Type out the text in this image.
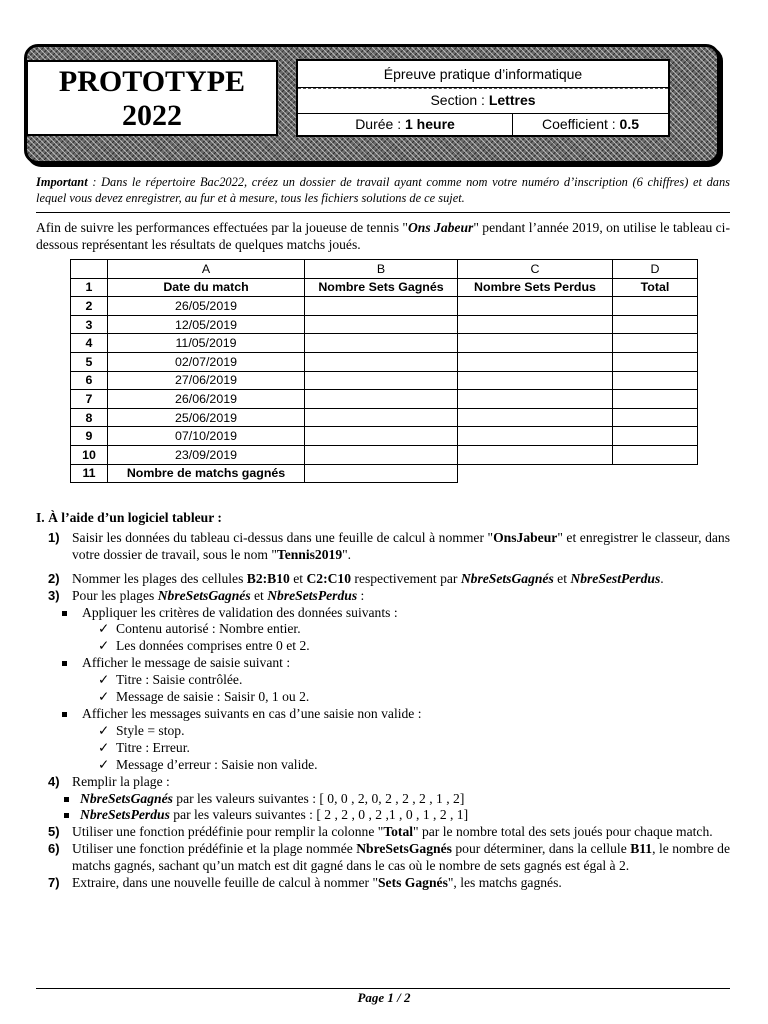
PROTOTYPE
2022
Épreuve pratique d’informatique
Section : Lettres
Durée : 1 heure	Coefficient : 0.5
Important : Dans le répertoire Bac2022, créez un dossier de travail ayant comme nom votre numéro d’inscription (6 chiffres) et dans lequel vous devez enregistrer, au fur et à mesure, tous les fichiers solutions de ce sujet.
Afin de suivre les performances effectuées par la joueuse de tennis "Ons Jabeur" pendant l’année 2019, on utilise le tableau ci-dessous représentant les résultats de quelques matchs joués.
	A	B	C	D
1	Date du match	Nombre Sets Gagnés	Nombre Sets Perdus	Total
2	26/05/2019			
3	12/05/2019			
4	11/05/2019			
5	02/07/2019			
6	27/06/2019			
7	26/06/2019			
8	25/06/2019			
9	07/10/2019			
10	23/09/2019			
11	Nombre de matchs gagnés			
I. À l’aide d’un logiciel tableur :
1) Saisir les données du tableau ci-dessus dans une feuille de calcul à nommer "OnsJabeur" et enregistrer le classeur, dans votre dossier de travail, sous le nom "Tennis2019".
2) Nommer les plages des cellules B2:B10 et C2:C10 respectivement par NbreSetsGagnés et NbreSestPerdus.
3) Pour les plages NbreSetsGagnés et NbreSetsPerdus :
Appliquer les critères de validation des données suivants :
✓ Contenu autorisé : Nombre entier.
✓ Les données comprises entre 0 et 2.
Afficher le message de saisie suivant :
✓ Titre : Saisie contrôlée.
✓ Message de saisie : Saisir 0, 1 ou 2.
Afficher les messages suivants en cas d’une saisie non valide :
✓ Style = stop.
✓ Titre : Erreur.
✓ Message d’erreur : Saisie non valide.
4) Remplir la plage :
NbreSetsGagnés par les valeurs suivantes : [ 0, 0 , 2, 0, 2 , 2 , 2 , 1 , 2]
NbreSetsPerdus par les valeurs suivantes : [ 2 , 2 , 0 , 2 ,1 , 0 , 1 , 2 , 1]
5) Utiliser une fonction prédéfinie pour remplir la colonne "Total" par le nombre total des sets joués pour chaque match.
6) Utiliser une fonction prédéfinie et la plage nommée NbreSetsGagnés pour déterminer, dans la cellule B11, le nombre de matchs gagnés, sachant qu’un match est dit gagné dans le cas où le nombre de sets gagnés est égal à 2.
7) Extraire, dans une nouvelle feuille de calcul à nommer "Sets Gagnés", les matchs gagnés.
Page 1 / 2
